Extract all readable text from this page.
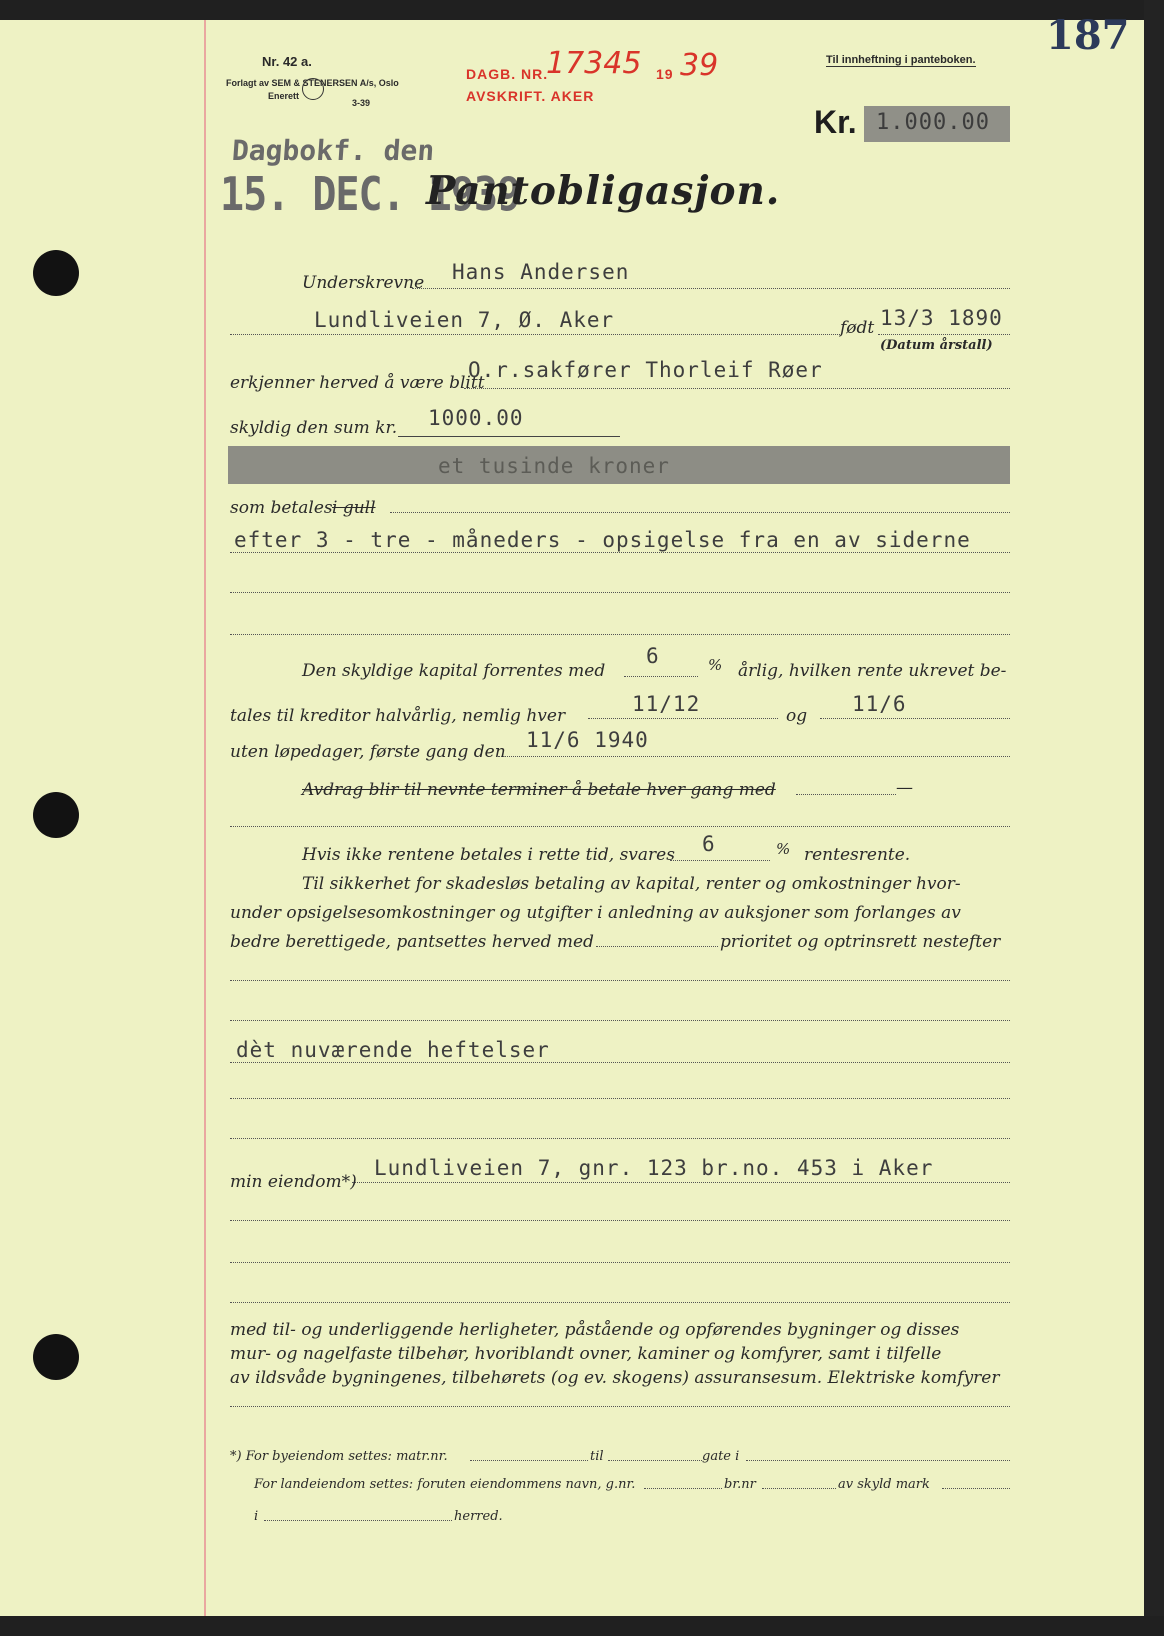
187
Nr. 42 a.
Forlagt av SEM & STENERSEN A/s, Oslo
Enerett
3-39
DAGB. NR.
17345 19 39
AVSKRIFT. AKER
Til innheftning i panteboken.
Kr. 1.000.00
Dagbokf. den
15. DEC. 1939
Pantobligasjon.
Underskrevne Hans Andersen
Lundliveien 7, Ø. Aker	født 13/3 1890
(Datum årstall)
erkjenner herved å være blitt
O.r.sakfører Thorleif Røer
skyldig den sum kr. 1000.00
et tusinde kroner
som betales i gull
efter 3 - tre - måneders - opsigelse fra en av siderne
Den skyldige kapital forrentes med
6	% årlig, hvilken rente ukrevet be-
tales til kreditor halvårlig, nemlig hver	11/12	og 11/6
uten løpedager, første gang den 11/6 1940
Avdrag blir til nevnte terminer å betale hver gang med	—
Hvis ikke rentene betales i rette tid, svares 6	% rentesrente.
Til sikkerhet for skadesløs betaling av kapital, renter og omkostninger hvor-
under opsigelsesomkostninger og utgifter i anledning av auksjoner som forlanges av
bedre berettigede, pantsettes herved med	prioritet og optrinsrett nestefter
dèt nuværende heftelser
min eiendom*)
Lundliveien 7, gnr. 123 br.no. 453 i Aker
med til- og underliggende herligheter, påstående og opførendes bygninger og disses
mur- og nagelfaste tilbehør, hvoriblandt ovner, kaminer og komfyrer, samt i tilfelle
av ildsvåde bygningenes, tilbehørets (og ev. skogens) assuransesum. Elektriske komfyrer
*) For byeiendom settes: matr.nr.	til	gate i
For landeiendom settes: foruten eiendommens navn, g.nr.	br.nr	av skyld mark
i	herred.
